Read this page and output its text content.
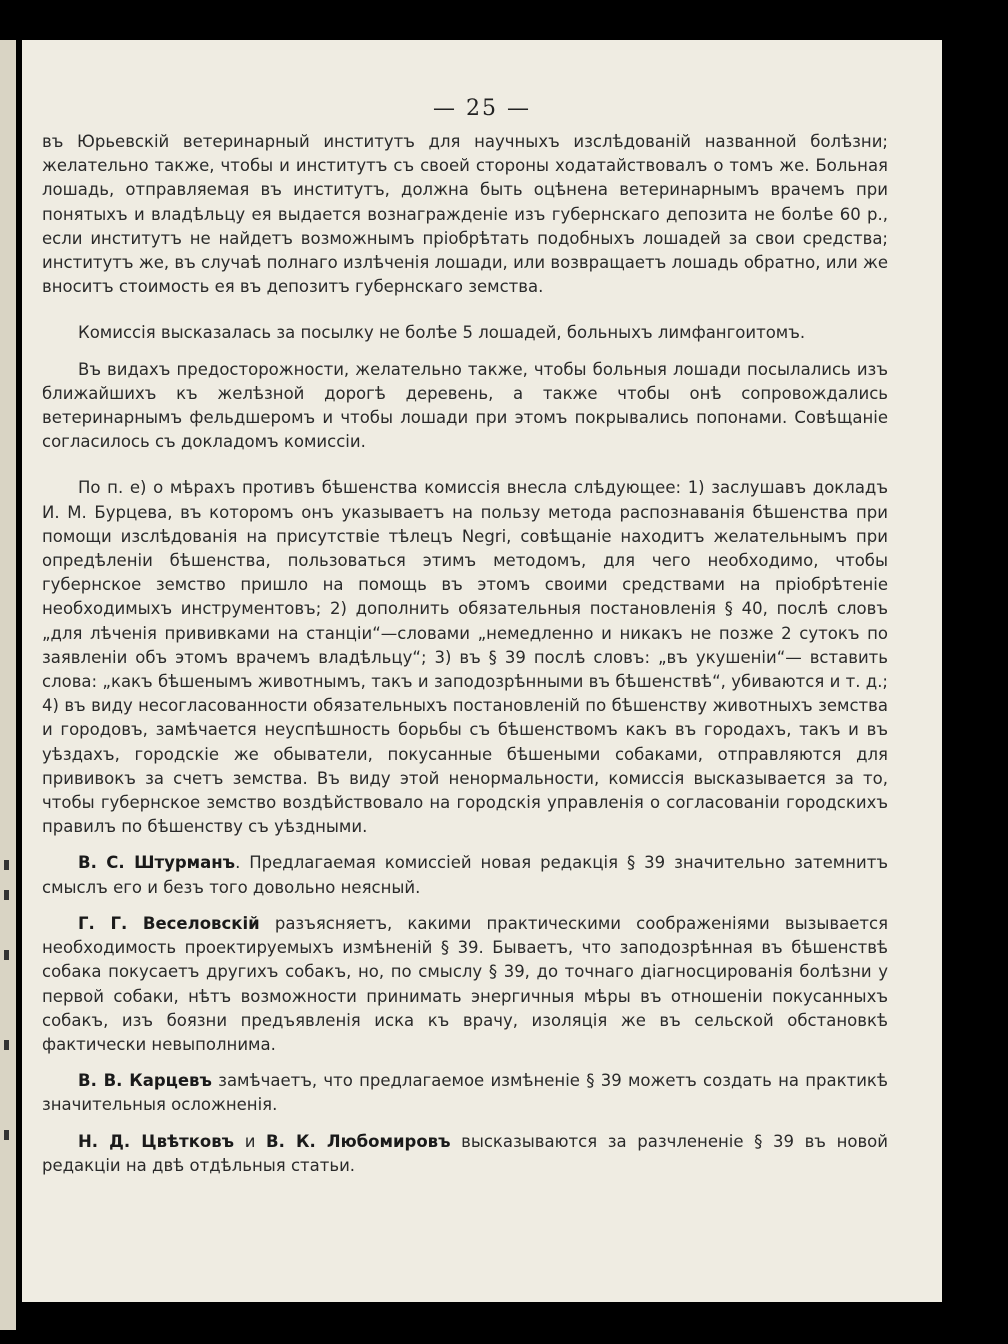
— 25 —

въ Юрьевскій ветеринарный институтъ для научныхъ изслѣдованій названной болѣзни; желательно также, чтобы и институтъ съ своей стороны ходатайствовалъ о томъ же. Больная лошадь, отправляемая въ институтъ, должна быть оцѣнена ветеринарнымъ врачемъ при понятыхъ и владѣльцу ея выдается вознагражденіе изъ губернскаго депозита не болѣе 60 р., если институтъ не найдетъ возможнымъ пріобрѣтать подобныхъ лошадей за свои средства; институтъ же, въ случаѣ полнаго излѣченія лошади, или возвращаетъ лошадь обратно, или же вноситъ стоимость ея въ депозитъ губернскаго земства.

Комиссія высказалась за посылку не болѣе 5 лошадей, больныхъ лимфангоитомъ.

Въ видахъ предосторожности, желательно также, чтобы больныя лошади посылались изъ ближайшихъ къ желѣзной дорогѣ деревень, а также чтобы онѣ сопровождались ветеринарнымъ фельдшеромъ и чтобы лошади при этомъ покрывались попонами. Совѣщаніе согласилось съ докладомъ комиссіи.

По п. е) о мѣрахъ противъ бѣшенства комиссія внесла слѣдующее: 1) заслушавъ докладъ И. М. Бурцева, въ которомъ онъ указываетъ на пользу метода распознаванія бѣшенства при помощи изслѣдованія на присутствіе тѣлецъ Negri, совѣщаніе находитъ желательнымъ при опредѣленіи бѣшенства, пользоваться этимъ методомъ, для чего необходимо, чтобы губернское земство пришло на помощь въ этомъ своими средствами на пріобрѣтеніе необходимыхъ инструментовъ; 2) дополнить обязательныя постановленія § 40, послѣ словъ „для лѣченія прививками на станціи“—словами „немедленно и никакъ не позже 2 сутокъ по заявленіи объ этомъ врачемъ владѣльцу“; 3) въ § 39 послѣ словъ: „въ укушеніи“— вставить слова: „какъ бѣшенымъ животнымъ, такъ и заподозрѣнными въ бѣшенствѣ“, убиваются и т. д.; 4) въ виду несогласованности обязательныхъ постановленій по бѣшенству животныхъ земства и городовъ, замѣчается неуспѣшность борьбы съ бѣшенствомъ какъ въ городахъ, такъ и въ уѣздахъ, городскіе же обыватели, покусанные бѣшеными собаками, отправляются для прививокъ за счетъ земства. Въ виду этой ненормальности, комиссія высказывается за то, чтобы губернское земство воздѣйствовало на городскія управленія о согласованіи городскихъ правилъ по бѣшенству съ уѣздными.

В. С. Штурманъ. Предлагаемая комиссіей новая редакція § 39 значительно затемнитъ смыслъ его и безъ того довольно неясный.

Г. Г. Веселовскій разъясняетъ, какими практическими соображеніями вызывается необходимость проектируемыхъ измѣненій § 39. Бываетъ, что заподозрѣнная въ бѣшенствѣ собака покусаетъ другихъ собакъ, но, по смыслу § 39, до точнаго діагносцированія болѣзни у первой собаки, нѣтъ возможности принимать энергичныя мѣры въ отношеніи покусанныхъ собакъ, изъ боязни предъявленія иска къ врачу, изоляція же въ сельской обстановкѣ фактически невыполнима.

В. В. Карцевъ замѣчаетъ, что предлагаемое измѣненіе § 39 можетъ создать на практикѣ значительныя осложненія.

Н. Д. Цвѣтковъ и В. К. Любомировъ высказываются за разчлененіе § 39 въ новой редакціи на двѣ отдѣльныя статьи.
